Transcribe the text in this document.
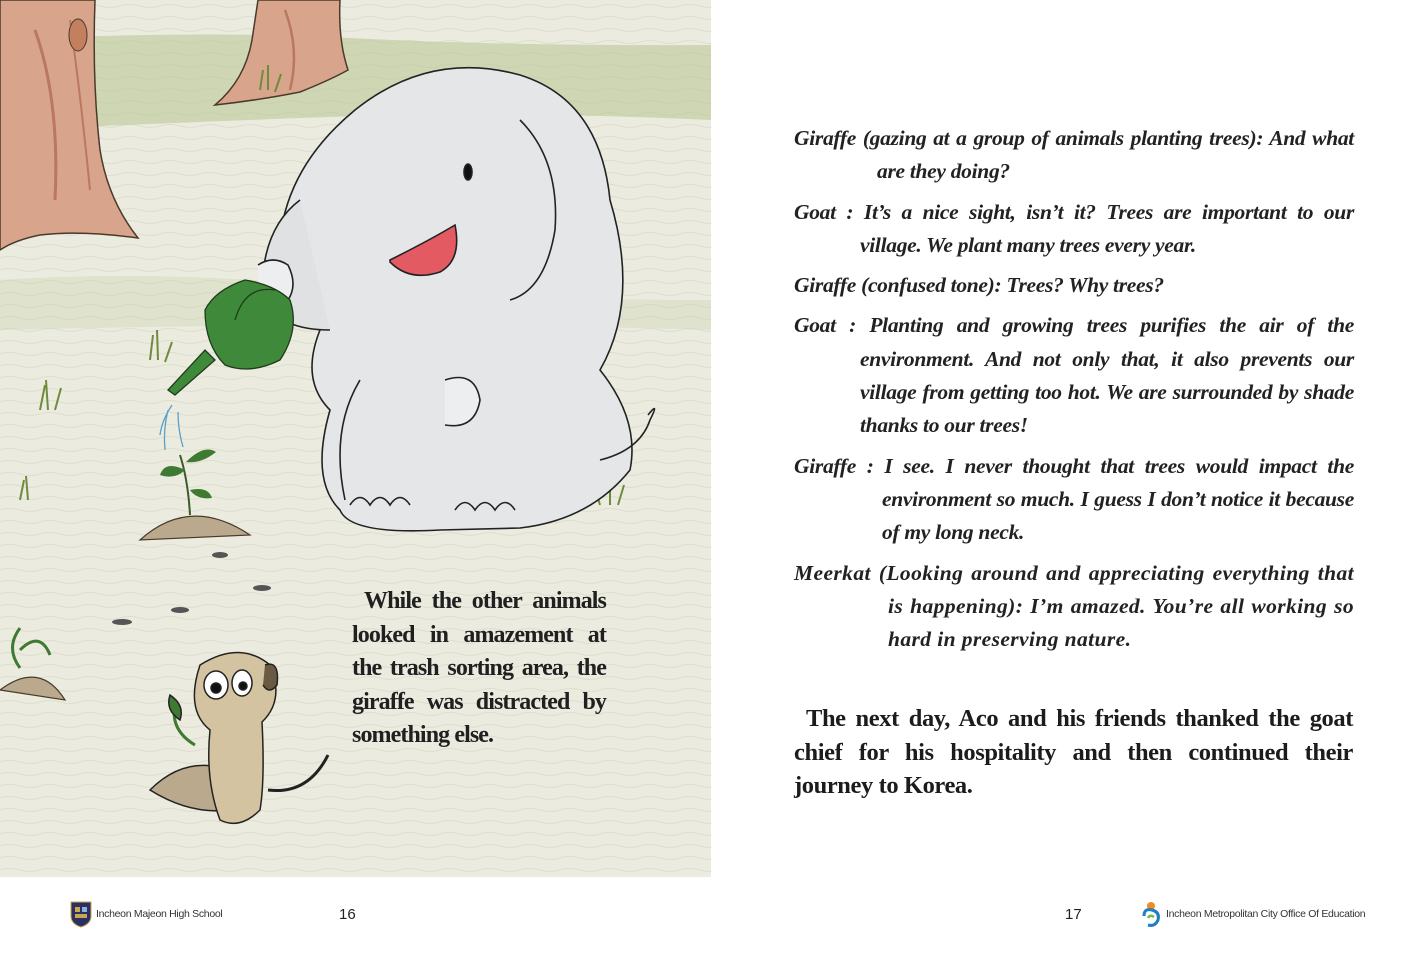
While the other animals looked in amazement at the trash sorting area, the giraffe was distracted by something else.

Giraffe (gazing at a group of animals planting trees): And what are they doing?
Goat : It’s a nice sight, isn’t it? Trees are important to our village. We plant many trees every year.
Giraffe (confused tone): Trees? Why trees?
Goat : Planting and growing trees purifies the air of the environment. And not only that, it also prevents our village from getting too hot. We are surrounded by shade thanks to our trees!
Giraffe : I see. I never thought that trees would impact the environment so much. I guess I don’t notice it because of my long neck.
Meerkat (Looking around and appreciating everything that is happening): I’m amazed. You’re all working so hard in preserving nature.

The next day, Aco and his friends thanked the goat chief for his hospitality and then continued their journey to Korea.

Incheon Majeon High School	16	17	Incheon Metropolitan City Office Of Education
